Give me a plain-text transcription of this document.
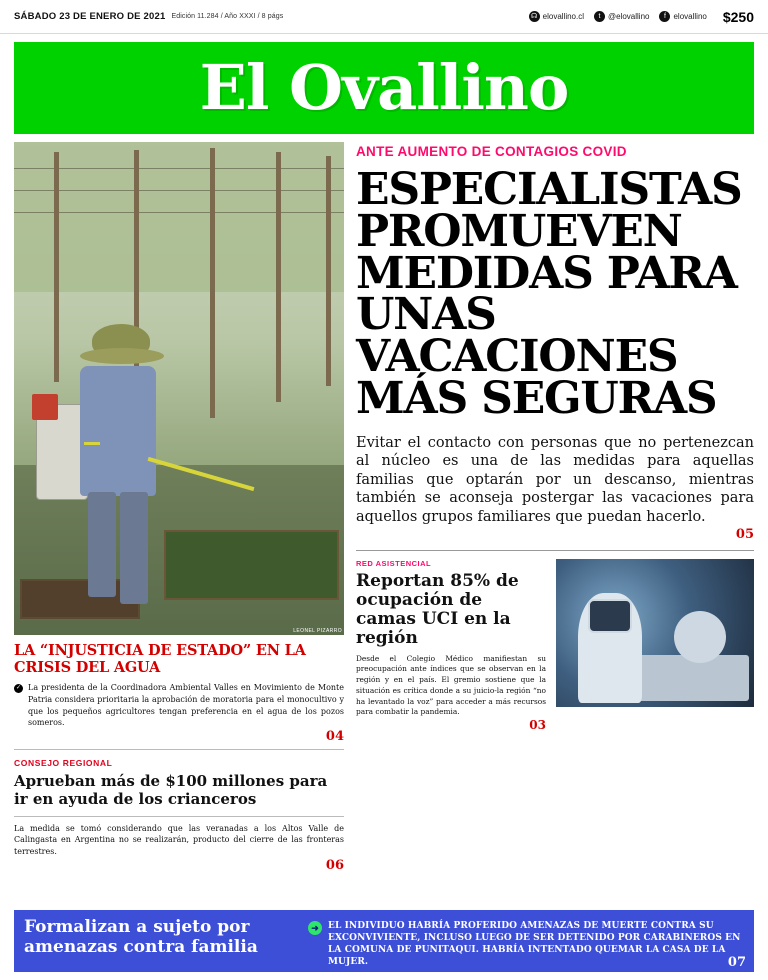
SÁBADO 23 DE ENERO DE 2021 Edición 11.284 / Año XXXI / 8 págs	☊ elovallino.cl	t @elovallino	f elovallino $250
El Ovallino
LEONEL PIZARRO
LA “INJUSTICIA DE ESTADO” EN LA CRISIS DEL AGUA
✓ La presidenta de la Coordinadora Ambiental Valles en Movimiento de Monte Patria considera prioritaria la aprobación de moratoria para el monocultivo y que los pequeños agricultores tengan preferencia en el agua de los pozos someros.
04
CONSEJO REGIONAL
Aprueban más de $100 millones para ir en ayuda de los crianceros
La medida se tomó considerando que las veranadas a los Altos Valle de Calingasta en Argentina no se realizarán, producto del cierre de las fronteras terrestres.
06
ANTE AUMENTO DE CONTAGIOS COVID
ESPECIALISTAS PROMUEVEN MEDIDAS PARA UNAS VACACIONES MÁS SEGURAS
Evitar el contacto con personas que no pertenezcan al núcleo es una de las medidas para aquellas familias que optarán por un descanso, mientras también se aconseja postergar las vacaciones para aquellos grupos familiares que puedan hacerlo.
05
RED ASISTENCIAL
Reportan 85% de ocupación de camas UCI en la región
Desde el Colegio Médico manifiestan su preocupación ante índices que se observan en la región y en el país. El gremio sostiene que la situación es crítica donde a su juicio-la región “no ha levantado la voz” para acceder a más recursos para combatir la pandemia.
03
Formalizan a sujeto por amenazas contra familia
➜	EL INDIVIDUO HABRÍA PROFERIDO AMENAZAS DE MUERTE CONTRA SU EXCONVIVIENTE, INCLUSO LUEGO DE SER DETENIDO POR CARABINEROS EN LA COMUNA DE PUNITAQUI. HABRÍA INTENTADO QUEMAR LA CASA DE LA MUJER.	07
